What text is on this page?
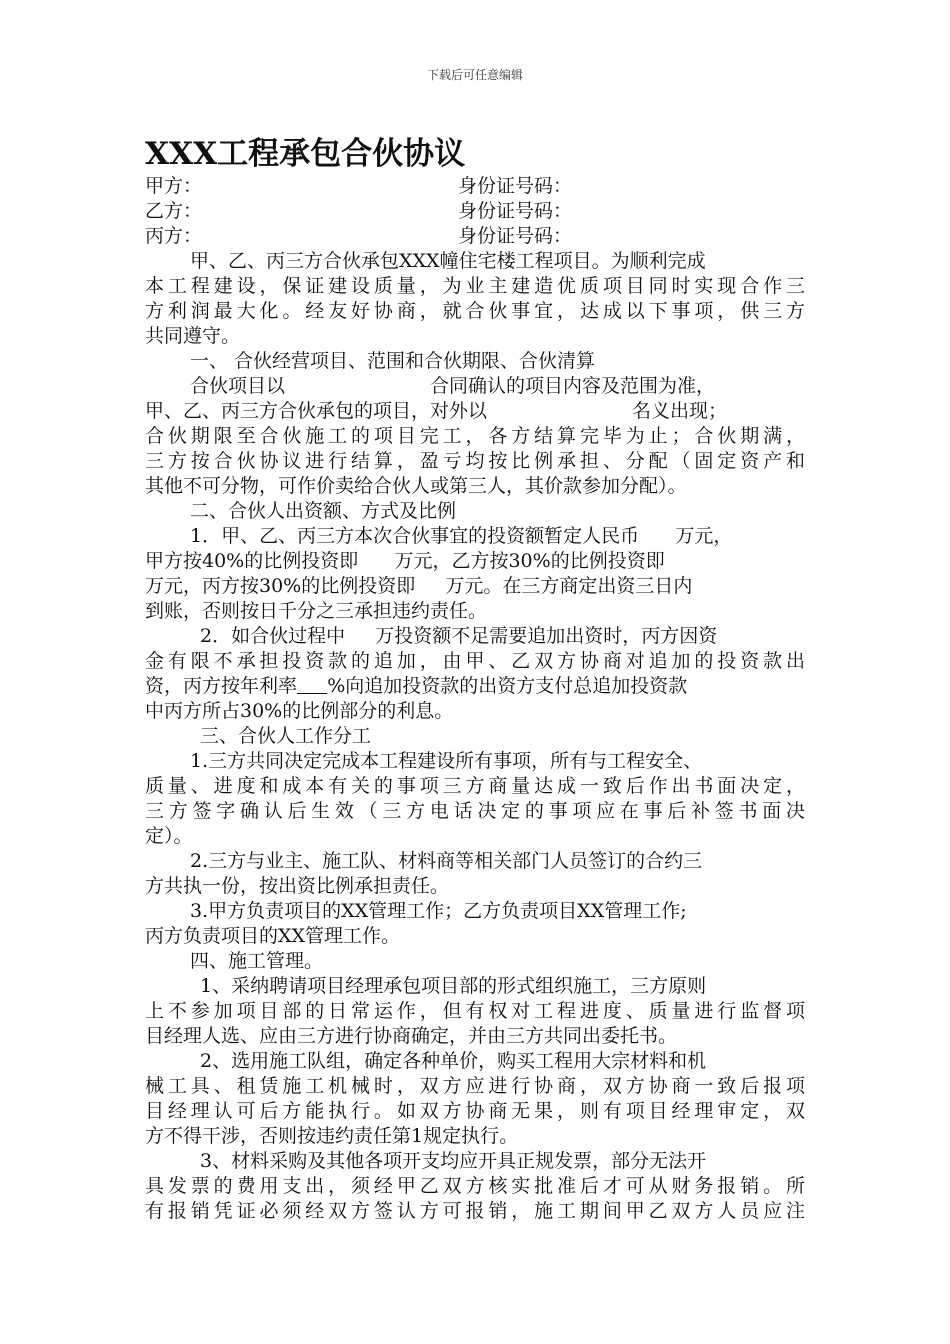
下载后可任意编辑
XXX工程承包合伙协议
甲方：	身份证号码：
乙方：	身份证号码：
丙方：	身份证号码：
甲、乙、丙三方合伙承包XXX幢住宅楼工程项目。为顺利完成
本工程建设，保证建设质量，为业主建造优质项目同时实现合作三
方利润最大化。经友好协商，就合伙事宜，达成以下事项，供三方
共同遵守。
一、 合伙经营项目、范围和合伙期限、合伙清算
合伙项目以                        合同确认的项目内容及范围为准，
甲、乙、丙三方合伙承包的项目，对外以                        名义出现；
合伙期限至合伙施工的项目完工，各方结算完毕为止；合伙期满，
三方按合伙协议进行结算，盈亏均按比例承担、分配（固定资产和
其他不可分物，可作价卖给合伙人或第三人，其价款参加分配）。
二、合伙人出资额、方式及比例
1．甲、乙、丙三方本次合伙事宜的投资额暂定人民币      万元，
甲方按40%的比例投资即      万元，乙方按30%的比例投资即
万元，丙方按30%的比例投资即     万元。在三方商定出资三日内
到账，否则按日千分之三承担违约责任。
2．如合伙过程中     万投资额不足需要追加出资时，丙方因资
金有限不承担投资款的追加，由甲、乙双方协商对追加的投资款出
资，丙方按年利率 %向追加投资款的出资方支付总追加投资款
中丙方所占30%的比例部分的利息。
三、合伙人工作分工
1.三方共同决定完成本工程建设所有事项，所有与工程安全、
质量、进度和成本有关的事项三方商量达成一致后作出书面决定，
三方签字确认后生效（三方电话决定的事项应在事后补签书面决
定）。
2.三方与业主、施工队、材料商等相关部门人员签订的合约三
方共执一份，按出资比例承担责任。
3.甲方负责项目的XX管理工作；乙方负责项目XX管理工作;
丙方负责项目的XX管理工作。
四、施工管理。
1、采纳聘请项目经理承包项目部的形式组织施工，三方原则
上不参加项目部的日常运作，但有权对工程进度、质量进行监督项
目经理人选、应由三方进行协商确定，并由三方共同出委托书。
2、选用施工队组，确定各种单价，购买工程用大宗材料和机
械工具、租赁施工机械时，双方应进行协商，双方协商一致后报项
目经理认可后方能执行。如双方协商无果，则有项目经理审定，双
方不得干涉，否则按违约责任第1规定执行。
3、材料采购及其他各项开支均应开具正规发票，部分无法开
具发票的费用支出，须经甲乙双方核实批准后才可从财务报销。所
有报销凭证必须经双方签认方可报销，施工期间甲乙双方人员应注
